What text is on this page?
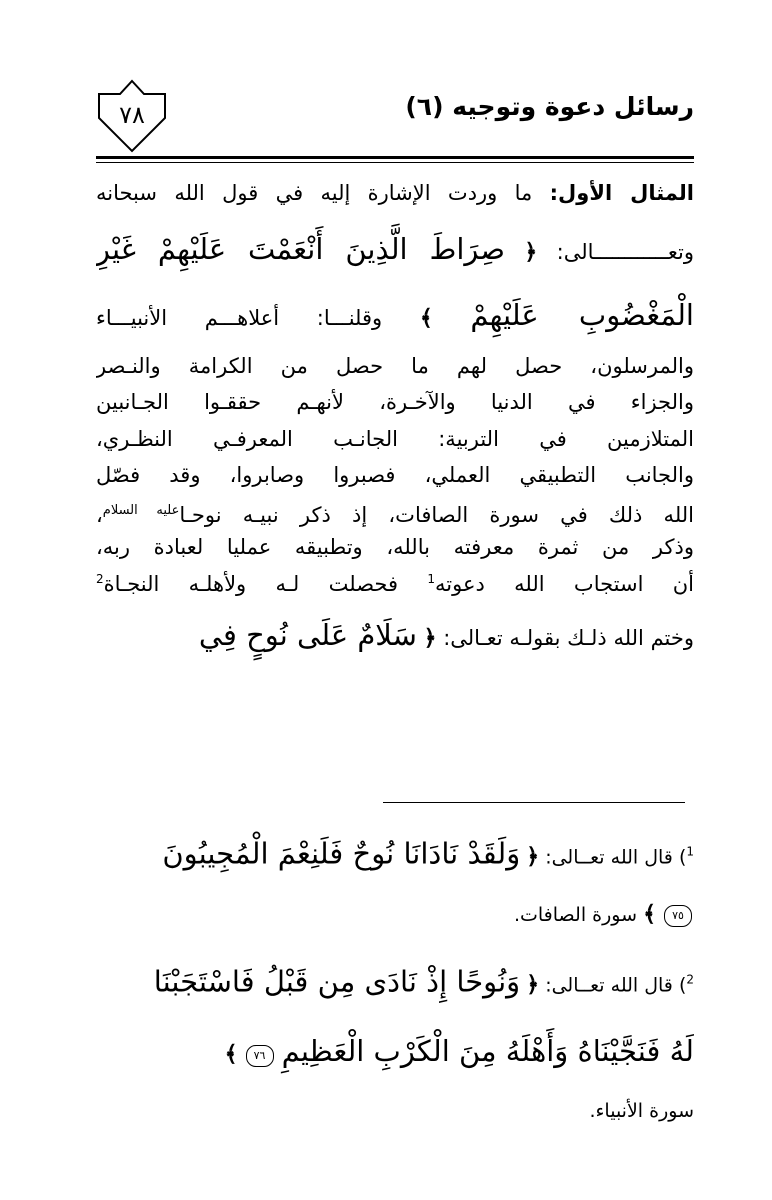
رسائل دعوة وتوجيه (٦)
٧٨
المثال الأول: ما وردت الإشارة إليه في قول الله سبحانه
وتعــــــــــــالى: ﴿ صِرَاطَ الَّذِينَ أَنْعَمْتَ عَلَيْهِمْ غَيْرِ
الْمَغْضُوبِ عَلَيْهِمْ ﴾ وقلنـــا: أعلاهـــم الأنبيـــاء
والمرسلون، حصل لهم ما حصل من الكرامة والنـصر
والجزاء في الدنيا والآخـرة، لأنهـم حققـوا الجـانبين
المتلازمين في التربية: الجانـب المعرفـي النظـري،
والجانب التطبيقي العملي، فصبروا وصابروا، وقد فصّل
الله ذلك في سورة الصافات، إذ ذكر نبيـه نوحـا$^{عليه السلام}$،
وذكر من ثمرة معرفته بالله، وتطبيقه عمليا لعبادة ربه،
أن استجاب الله دعوته$^1$ فحصلت لـه ولأهلـه النجـاة$^2$
وختم الله ذلـك بقولـه تعـالى: ﴿ سَلَامٌ عَلَى نُوحٍ فِي
$^1$) قال الله تعــالى: ﴿ وَلَقَدْ نَادَانَا نُوحٌ فَلَنِعْمَ الْمُجِيبُونَ
٧٥ ﴾ سورة الصافات.
$^2$) قال الله تعــالى: ﴿ وَنُوحًا إِذْ نَادَى مِن قَبْلُ فَاسْتَجَبْنَا
لَهُ فَنَجَّيْنَاهُ وَأَهْلَهُ مِنَ الْكَرْبِ الْعَظِيمِ ٧٦ ﴾
سورة الأنبياء.
